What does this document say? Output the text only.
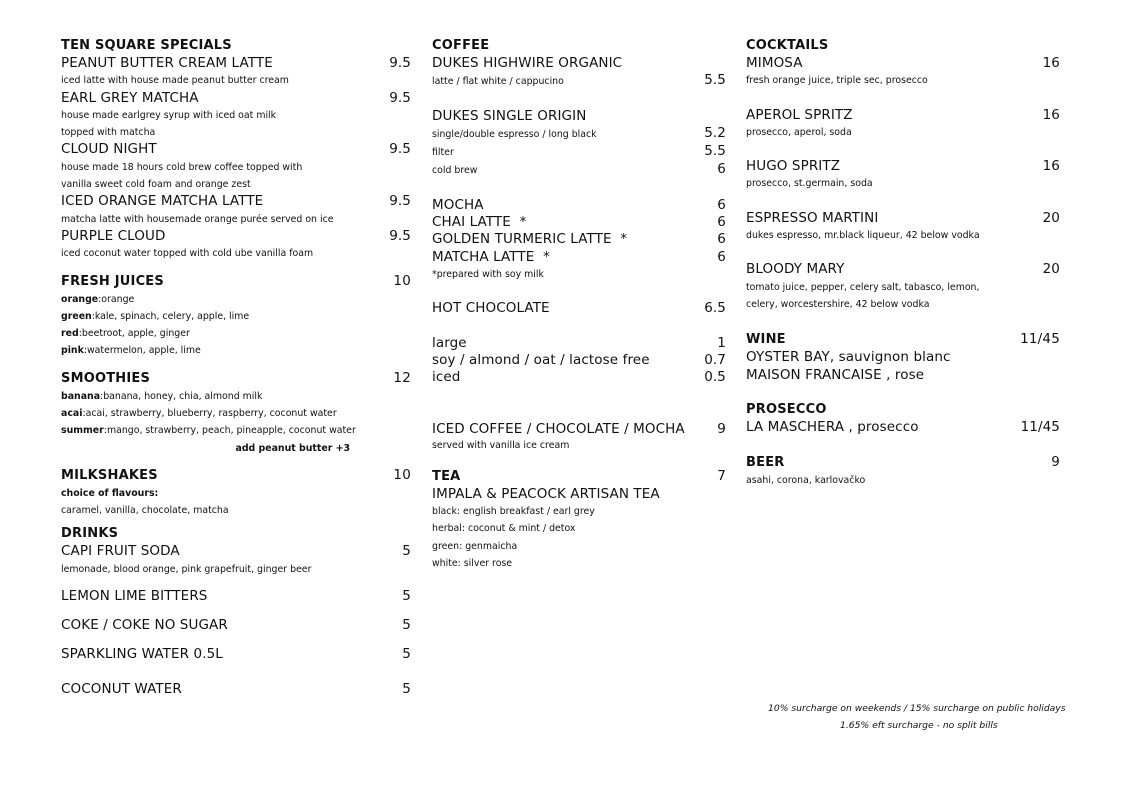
TEN SQUARE SPECIALS
PEANUT BUTTER CREAM LATTE	9.5
iced latte with house made peanut butter cream
EARL GREY MATCHA	9.5
house made earlgrey syrup with iced oat milk
topped with matcha
CLOUD NIGHT	9.5
house made 18 hours cold brew coffee topped with
vanilla sweet cold foam and orange zest
ICED ORANGE MATCHA LATTE	9.5
matcha latte with housemade orange purée served on ice
PURPLE CLOUD	9.5
iced coconut water topped with cold ube vanilla foam
FRESH JUICES	10
orange:orange
green:kale, spinach, celery, apple, lime
red:beetroot, apple, ginger
pink:watermelon, apple, lime
SMOOTHIES	12
banana:banana, honey, chia, almond milk
acai:acai, strawberry, blueberry, raspberry, coconut water
summer:mango, strawberry, peach, pineapple, coconut water
add peanut butter +3
MILKSHAKES	10
choice of flavours:
caramel, vanilla, chocolate, matcha
DRINKS
CAPI FRUIT SODA	5
lemonade, blood orange, pink grapefruit, ginger beer
LEMON LIME BITTERS	5
COKE / COKE NO SUGAR	5
SPARKLING WATER 0.5L	5
COCONUT WATER	5
COFFEE
DUKES HIGHWIRE ORGANIC
latte / flat white / cappucino	5.5
DUKES SINGLE ORIGIN
single/double espresso / long black	5.2
filter	5.5
cold brew	6
MOCHA	6
CHAI LATTE  *	6
GOLDEN TURMERIC LATTE  *	6
MATCHA LATTE  *	6
*prepared with soy milk
HOT CHOCOLATE	6.5
large	1
soy / almond / oat / lactose free	0.7
iced	0.5
ICED COFFEE / CHOCOLATE / MOCHA 9
served with vanilla ice cream
TEA	7
IMPALA & PEACOCK ARTISAN TEA
black: english breakfast / earl grey
herbal: coconut & mint / detox
green: genmaicha
white: silver rose
COCKTAILS
MIMOSA	16
fresh orange juice, triple sec, prosecco
APEROL SPRITZ	16
prosecco, aperol, soda
HUGO SPRITZ	16
prosecco, st.germain, soda
ESPRESSO MARTINI	20
dukes espresso, mr.black liqueur, 42 below vodka
BLOODY MARY	20
tomato juice, pepper, celery salt, tabasco, lemon,
celery, worcestershire, 42 below vodka
WINE	11/45
OYSTER BAY, sauvignon blanc
MAISON FRANCAISE , rose
PROSECCO
LA MASCHERA , prosecco	11/45
BEER	9
asahi, corona, karlovačko
10% surcharge on weekends / 15% surcharge on public holidays
1.65% eft surcharge - no split bills
